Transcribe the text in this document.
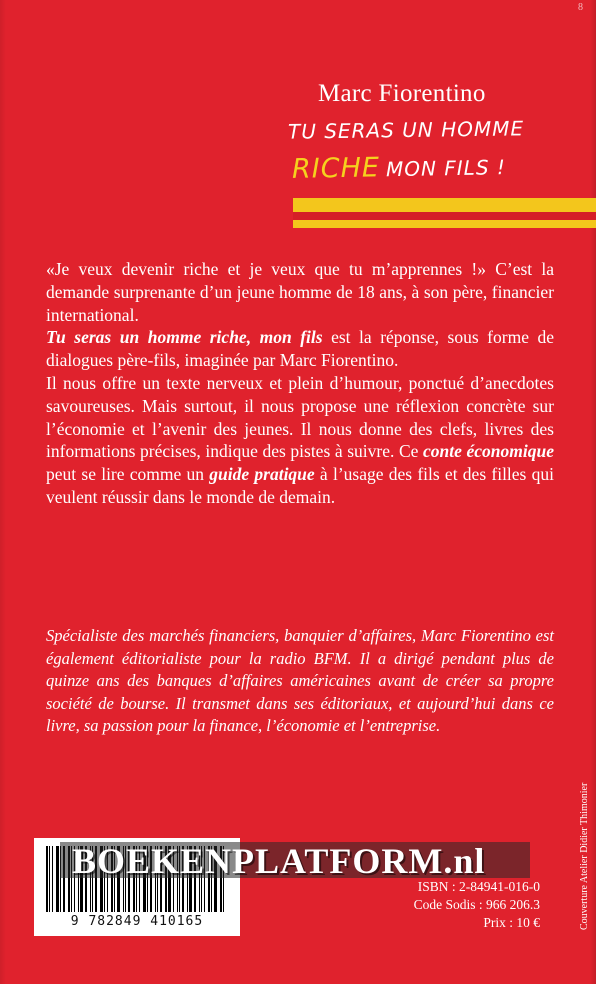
8
Marc Fiorentino
TU SERAS UN HOMME
RICHE MON FILS !

«Je veux devenir riche et je veux que tu m’apprennes !» C’est la demande surprenante d’un jeune homme de 18 ans, à son père, financier international.

Tu seras un homme riche, mon fils est la réponse, sous forme de dialogues père-fils, imaginée par Marc Fiorentino.

Il nous offre un texte nerveux et plein d’humour, ponctué d’anecdotes savoureuses. Mais surtout, il nous propose une réflexion concrète sur l’économie et l’avenir des jeunes. Il nous donne des clefs, livres des informations précises, indique des pistes à suivre. Ce conte économique peut se lire comme un guide pratique à l’usage des fils et des filles qui veulent réussir dans le monde de demain.

Spécialiste des marchés financiers, banquier d’affaires, Marc Fiorentino est également éditorialiste pour la radio BFM. Il a dirigé pendant plus de quinze ans des banques d’affaires américaines avant de créer sa propre société de bourse. Il transmet dans ses éditoriaux, et aujourd’hui dans ce livre, sa passion pour la finance, l’économie et l’entreprise.

9 782849 410165
BOEKENPLATFORM.nl
ISBN : 2-84941-016-0
Code Sodis : 966 206.3
Prix : 10 €	Couverture Atelier Didier Thimonier
